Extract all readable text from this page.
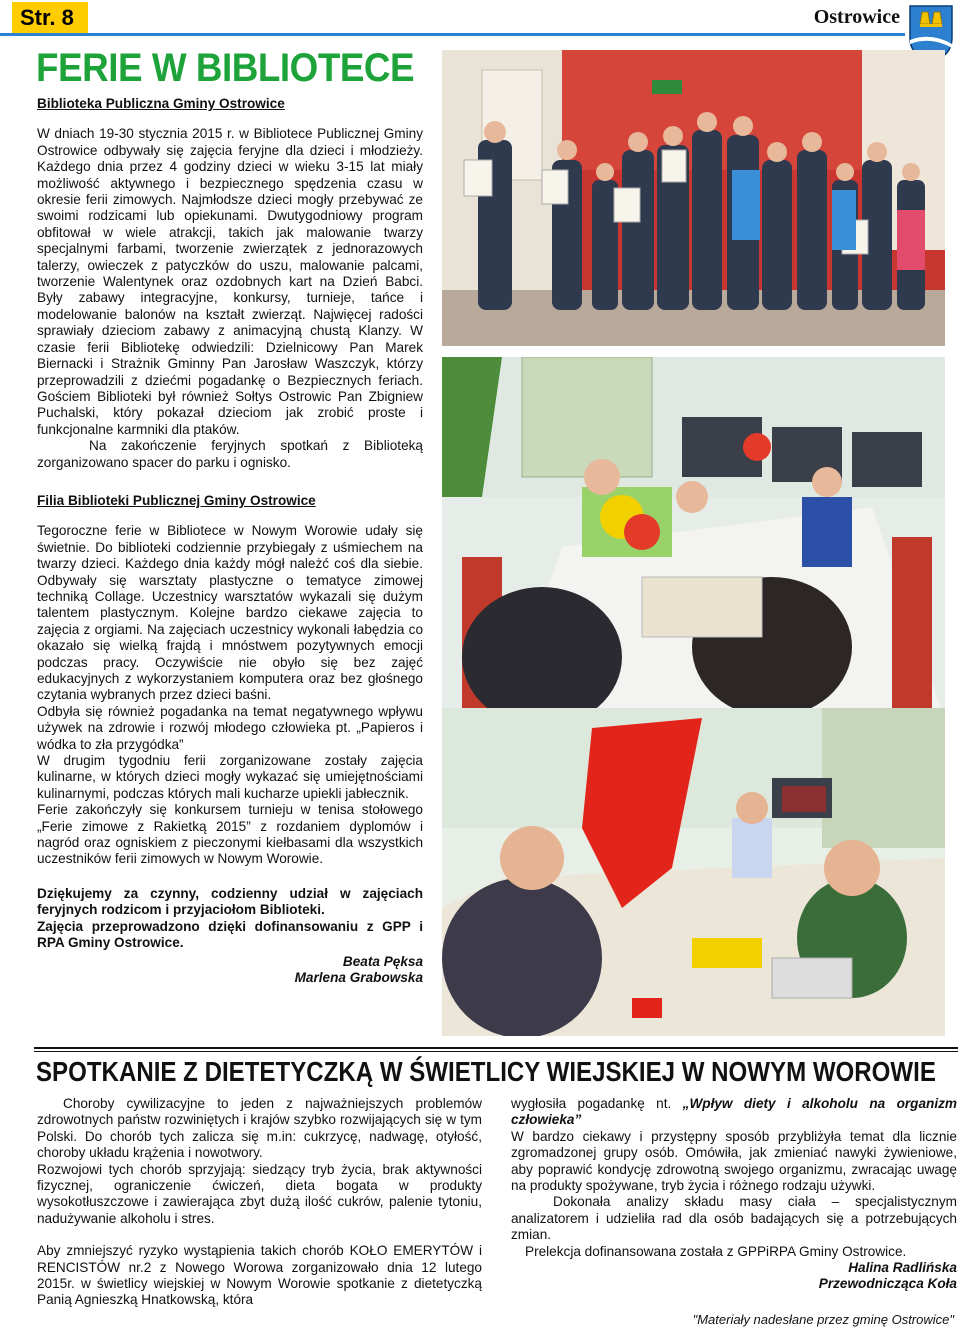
Str. 8	Ostrowice
FERIE W BIBLIOTECE

Biblioteka Publiczna Gminy Ostrowice

W dniach 19-30 stycznia 2015 r. w Bibliotece Publicznej Gminy Ostrowice odbywały się zajęcia feryjne dla dzieci i młodzieży. Każdego dnia przez 4 godziny dzieci w wieku 3-15 lat miały możliwość aktywnego i bezpiecznego spędzenia czasu w okresie ferii zimowych. Najmłodsze dzieci mogły przebywać ze swoimi rodzicami lub opiekunami. Dwutygodniowy program obfitował w wiele atrakcji, takich jak malowanie twarzy specjalnymi farbami, tworzenie zwierzątek z jednorazowych talerzy, owieczek z patyczków do uszu, malowanie palcami, tworzenie Walentynek oraz ozdobnych kart na Dzień Babci. Były zabawy integracyjne, konkursy, turnieje, tańce i modelowanie balonów na kształt zwierząt. Najwięcej radości sprawiały dzieciom zabawy z animacyjną chustą Klanzy. W czasie ferii Bibliotekę odwiedzili: Dzielnicowy Pan Marek Biernacki i Strażnik Gminny Pan Jarosław Waszczyk, którzy przeprowadzili z dziećmi pogadankę o Bezpiecznych feriach. Gościem Biblioteki był również Sołtys Ostrowic Pan Zbigniew Puchalski, który pokazał dzieciom jak zrobić proste i funkcjonalne karmniki dla ptaków.

Na zakończenie feryjnych spotkań z Biblioteką zorganizowano spacer do parku i ognisko.

Filia Biblioteki Publicznej Gminy Ostrowice

Tegoroczne ferie w Bibliotece w Nowym Worowie udały się świetnie. Do biblioteki codziennie przybiegały z uśmiechem na twarzy dzieci. Każdego dnia każdy mógł należć coś dla siebie. Odbywały się warsztaty plastyczne o tematyce zimowej techniką Collage. Uczestnicy warsztatów wykazali się dużym talentem plastycznym. Kolejne bardzo ciekawe zajęcia to zajęcia z orgiami. Na zajęciach uczestnicy wykonali łabędzia co okazało się wielką frajdą i mnóstwem pozytywnych emocji podczas pracy. Oczywiście nie obyło się bez zajęć edukacyjnych z wykorzystaniem komputera oraz bez głośnego czytania wybranych przez dzieci baśni.

Odbyła się również pogadanka na temat negatywnego wpływu używek na zdrowie i rozwój młodego człowieka pt. „Papieros i wódka to zła przygódka”

W drugim tygodniu ferii zorganizowane zostały zajęcia kulinarne, w których dzieci mogły wykazać się umiejętnościami kulinarnymi, podczas których mali kucharze upiekli jabłecznik.

Ferie zakończyły się konkursem turnieju w tenisa stołowego „Ferie zimowe z Rakietką 2015” z rozdaniem dyplomów i nagród oraz ogniskiem z pieczonymi kiełbasami dla wszystkich uczestników ferii zimowych w Nowym Worowie.

Dziękujemy za czynny, codzienny udział w zajęciach feryjnych rodzicom i przyjaciołom Biblioteki.

Zajęcia przeprowadzono dzięki dofinansowaniu z GPP i RPA Gminy Ostrowice.

Beata Pęksa

Marlena Grabowska

SPOTKANIE Z DIETETYCZKĄ W ŚWIETLICY WIEJSKIEJ W NOWYM WOROWIE

Choroby cywilizacyjne to jeden z najważniejszych problemów zdrowotnych państw rozwiniętych i krajów szybko rozwijających się w tym Polski. Do chorób tych zalicza się m.in: cukrzycę, nadwagę, otyłość, choroby układu krążenia i nowotwory.

Rozwojowi tych chorób sprzyjają: siedzący tryb życia, brak aktywności fizycznej, ograniczenie ćwiczeń, dieta bogata w produkty wysokotłuszczowe i zawierająca zbyt dużą ilość cukrów, palenie tytoniu, nadużywanie alkoholu i stres.

Aby zmniejszyć ryzyko wystąpienia takich chorób KOŁO EMERYTÓW i RENCISTÓW nr.2 z Nowego Worowa zorganizowało dnia 12 lutego 2015r. w świetlicy wiejskiej w Nowym Worowie spotkanie z dietetyczką Panią Agnieszką Hnatkowską, która

wygłosiła pogadankę nt. „Wpływ diety i alkoholu na organizm człowieka”

W bardzo ciekawy i przystępny sposób przybliżyła temat dla licznie zgromadzonej grupy osób. Omówiła, jak zmieniać nawyki żywieniowe, aby poprawić kondycję zdrowotną swojego organizmu, zwracając uwagę na produkty spożywane, tryb życia i różnego rodzaju używki.

Dokonała analizy składu masy ciała – specjalistycznym analizatorem i udzieliła rad dla osób badających się a potrzebujących zmian.

Prelekcja dofinansowana została z GPPiRPA Gminy Ostrowice.

Halina Radlińska

Przewodnicząca Koła

"Materiały nadesłane przez gminę Ostrowice"
